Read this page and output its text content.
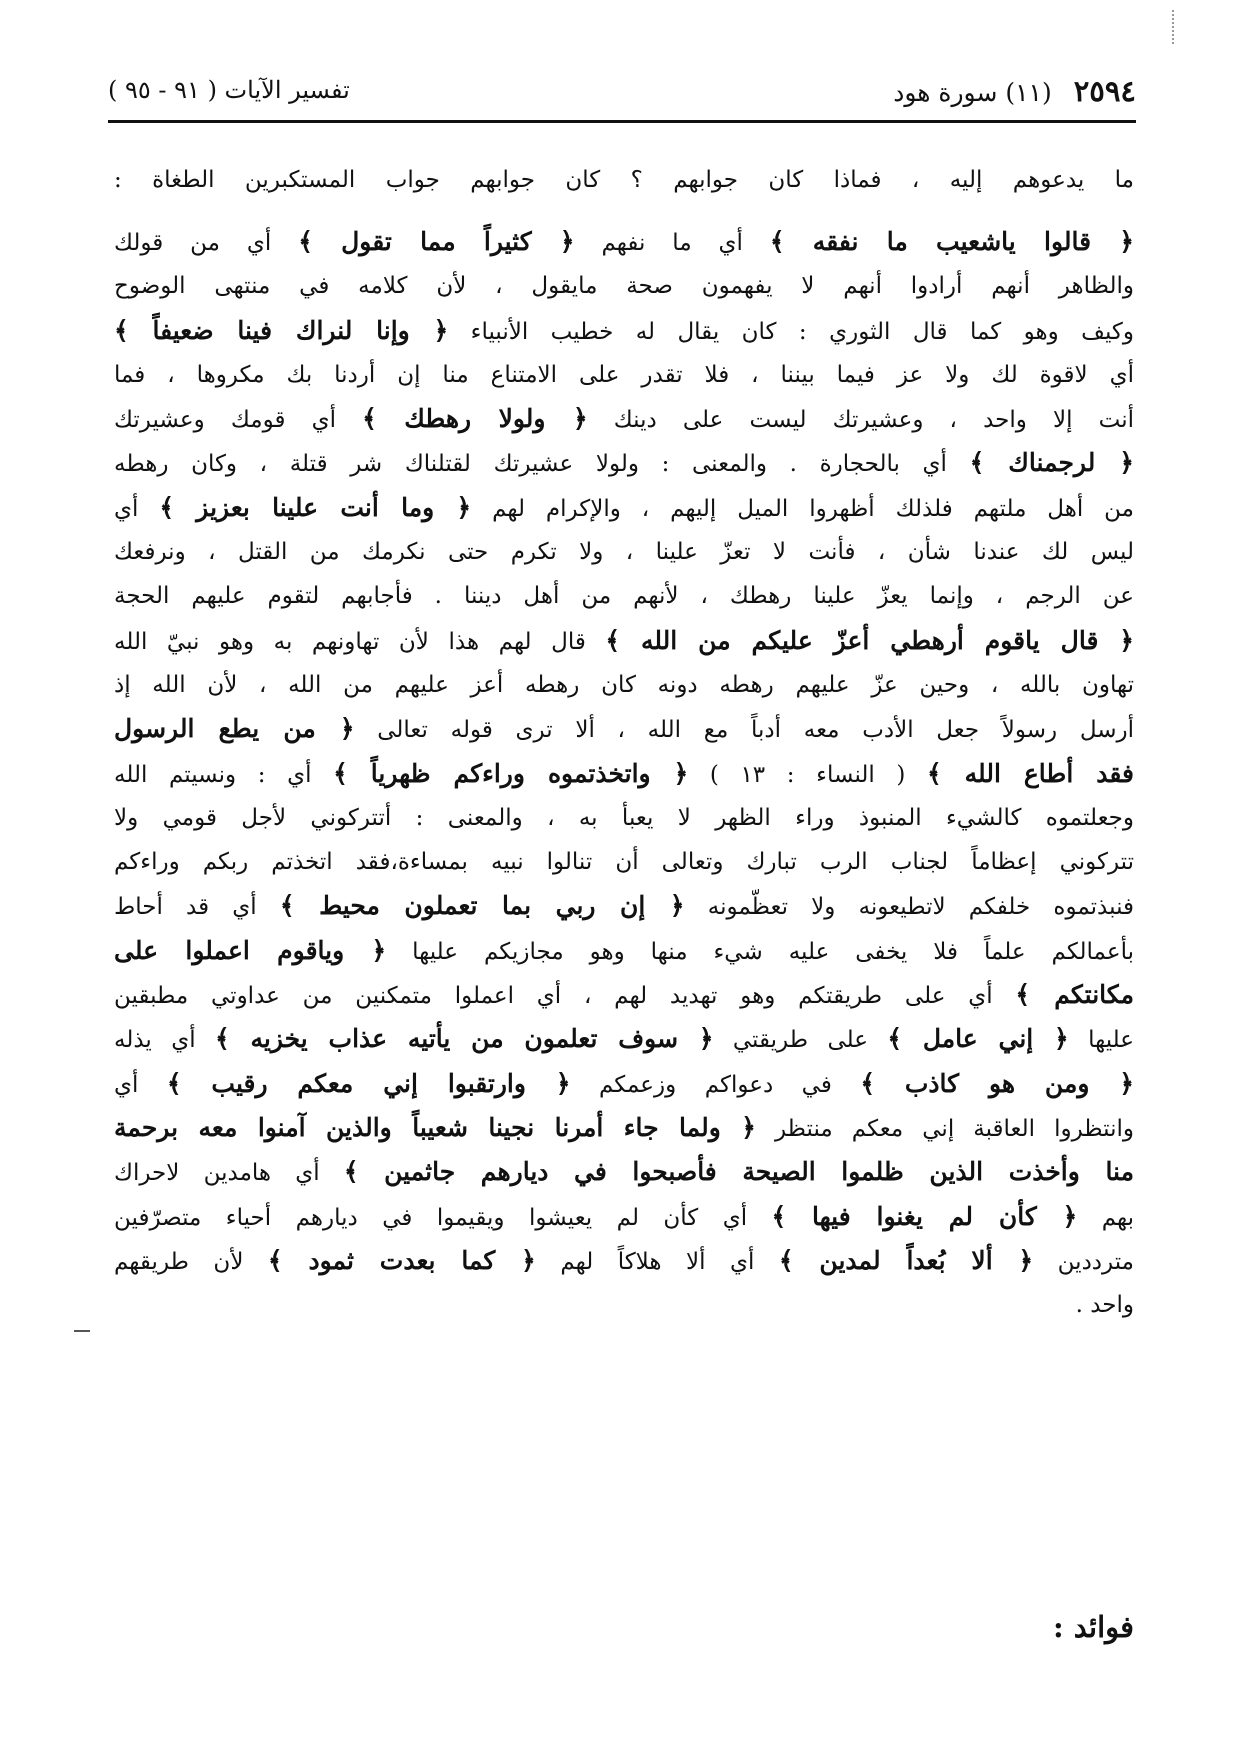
٢٥٩٤ (١١) سورة هود
تفسير الآيات ( ٩١ - ٩٥ )
ما يدعوهم إليه ، فماذا كان جوابهم ؟ كان جوابهم جواب المستكبرين الطغاة :
﴿ قالوا ياشعيب ما نفقه ﴾ أي ما نفهم ﴿ كثيراً مما تقول ﴾ أي من قولك
والظاهر أنهم أرادوا أنهم لا يفهمون صحة مايقول ، لأن كلامه في منتهى الوضوح
وكيف وهو كما قال الثوري : كان يقال له خطيب الأنبياء ﴿ وإنا لنراك فينا ضعيفاً ﴾
أي لاقوة لك ولا عز فيما بيننا ، فلا تقدر على الامتناع منا إن أردنا بك مكروها ، فما
أنت إلا واحد ، وعشيرتك ليست على دينك ﴿ ولولا رهطك ﴾ أي قومك وعشيرتك
﴿ لرجمناك ﴾ أي بالحجارة . والمعنى : ولولا عشيرتك لقتلناك شر قتلة ، وكان رهطه
من أهل ملتهم فلذلك أظهروا الميل إليهم ، والإكرام لهم ﴿ وما أنت علينا بعزيز ﴾ أي
ليس لك عندنا شأن ، فأنت لا تعزّ علينا ، ولا تكرم حتى نكرمك من القتل ، ونرفعك
عن الرجم ، وإنما يعزّ علينا رهطك ، لأنهم من أهل ديننا . فأجابهم لتقوم عليهم الحجة
﴿ قال ياقوم أرهطي أعزّ عليكم من الله ﴾ قال لهم هذا لأن تهاونهم به وهو نبيّ الله
تهاون بالله ، وحين عزّ عليهم رهطه دونه كان رهطه أعز عليهم من الله ، لأن الله إذ
أرسل رسولاً جعل الأدب معه أدباً مع الله ، ألا ترى قوله تعالى ﴿ من يطع الرسول
فقد أطاع الله ﴾ ( النساء : ١٣ ) ﴿ واتخذتموه وراءكم ظهرياً ﴾ أي : ونسيتم الله
وجعلتموه كالشيء المنبوذ وراء الظهر لا يعبأ به ، والمعنى : أتتركوني لأجل قومي ولا
تتركوني إعظاماً لجناب الرب تبارك وتعالى أن تنالوا نبيه بمساءة،فقد اتخذتم ربكم وراءكم
فنبذتموه خلفكم لاتطيعونه ولا تعظّمونه ﴿ إن ربي بما تعملون محيط ﴾ أي قد أحاط
بأعمالكم علماً فلا يخفى عليه شيء منها وهو مجازيكم عليها ﴿ وياقوم اعملوا على
مكانتكم ﴾ أي على طريقتكم وهو تهديد لهم ، أي اعملوا متمكنين من عداوتي مطبقين
عليها ﴿ إني عامل ﴾ على طريقتي ﴿ سوف تعلمون من يأتيه عذاب يخزيه ﴾ أي يذله
﴿ ومن هو كاذب ﴾ في دعواكم وزعمكم ﴿ وارتقبوا إني معكم رقيب ﴾ أي
وانتظروا العاقبة إني معكم منتظر ﴿ ولما جاء أمرنا نجينا شعيباً والذين آمنوا معه برحمة
منا وأخذت الذين ظلموا الصيحة فأصبحوا في ديارهم جاثمين ﴾ أي هامدين لاحراك
بهم ﴿ كأن لم يغنوا فيها ﴾ أي كأن لم يعيشوا ويقيموا في ديارهم أحياء متصرّفين
مترددين ﴿ ألا بُعداً لمدين ﴾ أي ألا هلاكاً لهم ﴿ كما بعدت ثمود ﴾ لأن طريقهم
واحد .
فوائد :
